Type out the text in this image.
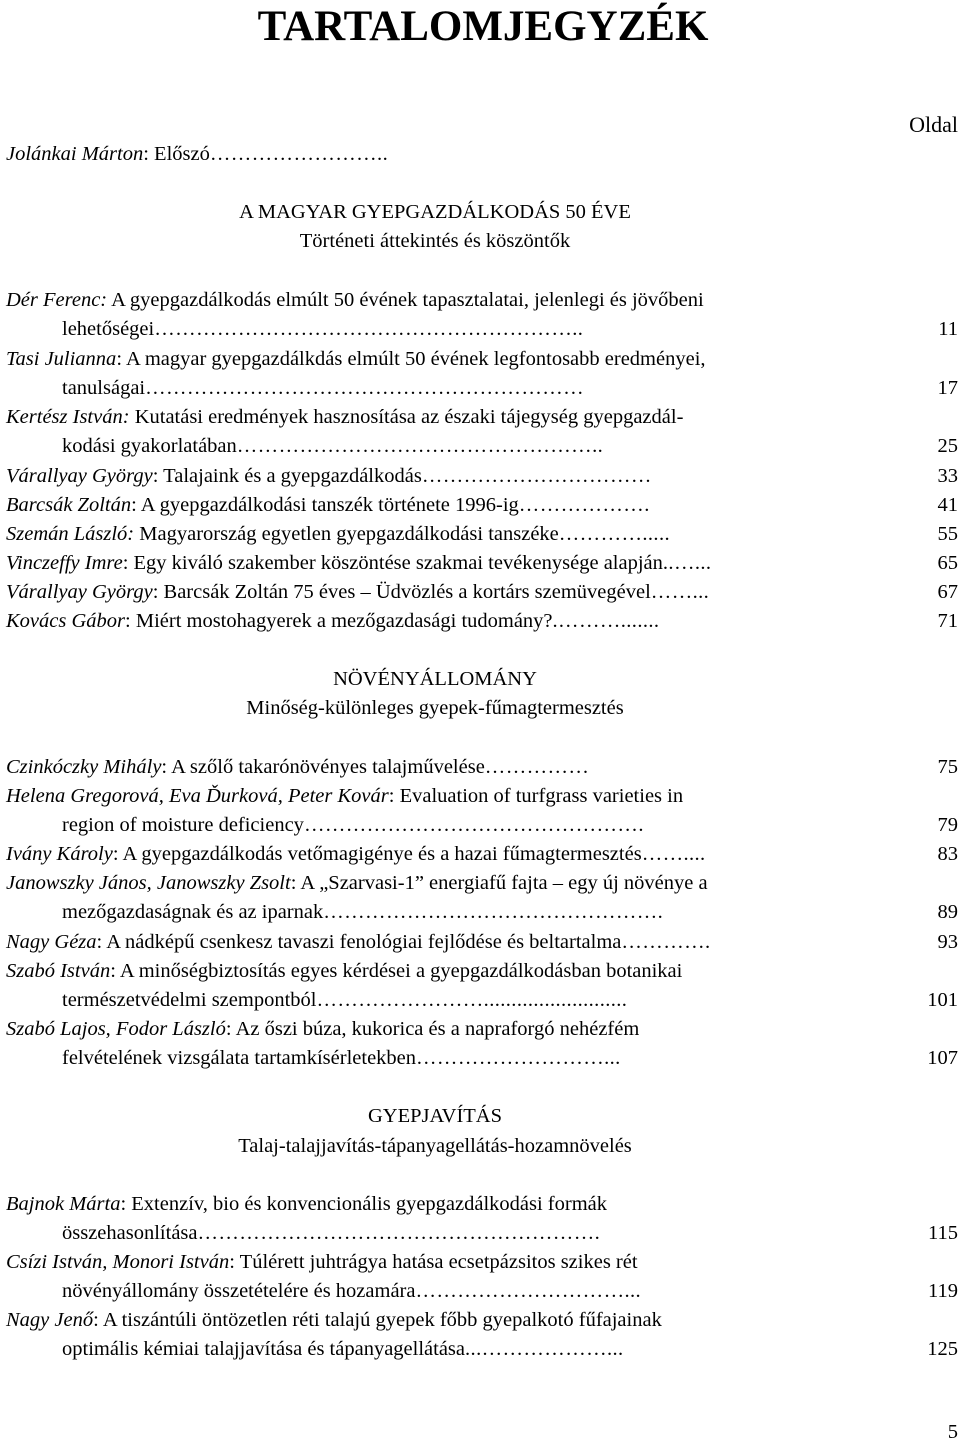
TARTALOMJEGYZÉK
Oldal
Jolánkai Márton: Előszó……………………..
A MAGYAR GYEPGAZDÁLKODÁS 50 ÉVE
Történeti áttekintés és köszöntők
Dér Ferenc: A gyepgazdálkodás elmúlt 50 évének tapasztalatai, jelenlegi és jövőbeni
lehetőségei……………………………………………………..	11
Tasi Julianna: A magyar gyepgazdálkdás elmúlt 50 évének legfontosabb eredményei,
tanulságai………………………………………………………	17
Kertész István: Kutatási eredmények hasznosítása az északi tájegység gyepgazdál-
kodási gyakorlatában……………………………………………..	25
Várallyay György: Talajaink és a gyepgazdálkodás……………………………	33
Barcsák Zoltán: A gyepgazdálkodási tanszék története 1996-ig……………….	41
Szemán László: Magyarország egyetlen gyepgazdálkodási tanszéke………….....	55
Vinczeffy Imre: Egy kiváló szakember köszöntése szakmai tevékenysége alapján..…...	65
Várallyay György: Barcsák Zoltán 75 éves – Üdvözlés a kortárs szemüvegével……...	67
Kovács Gábor: Miért mostohagyerek a mezőgazdasági tudomány?.……….......	71
NÖVÉNYÁLLOMÁNY
Minőség-különleges gyepek-fűmagtermesztés
Czinkóczky Mihály: A szőlő takarónövényes talajművelése……………	75
Helena Gregorová, Eva Ďurková, Peter Kovár: Evaluation of turfgrass varieties in
region of moisture deficiency………………………………………….	79
Ivány Károly: A gyepgazdálkodás vetőmagigénye és a hazai fűmagtermesztés……....	83
Janowszky János, Janowszky Zsolt: A „Szarvasi-1” energiafű fajta – egy új növénye a
mezőgazdaságnak és az iparnak………………………………………….	89
Nagy Géza: A nádképű csenkesz tavaszi fenológiai fejlődése és beltartalma………….	93
Szabó István: A minőségbiztosítás egyes kérdései a gyepgazdálkodásban botanikai
természetvédelmi szempontból……………………..........................	101
Szabó Lajos, Fodor László: Az őszi búza, kukorica és a napraforgó nehézfém
felvételének vizsgálata tartamkísérletekben………………………...	107
GYEPJAVÍTÁS
Talaj-talajjavítás-tápanyagellátás-hozamnövelés
Bajnok Márta: Extenzív, bio és konvencionális gyepgazdálkodási formák
összehasonlítása………………………………………………….	115
Csízi István, Monori István: Túlérett juhtrágya hatása ecsetpázsitos szikes rét
növényállomány összetételére és hozamára…………………………...	119
Nagy Jenő: A tiszántúli öntözetlen réti talajú gyepek főbb gyepalkotó fűfajainak
optimális kémiai talajjavítása és tápanyagellátása...………………...	125
5
